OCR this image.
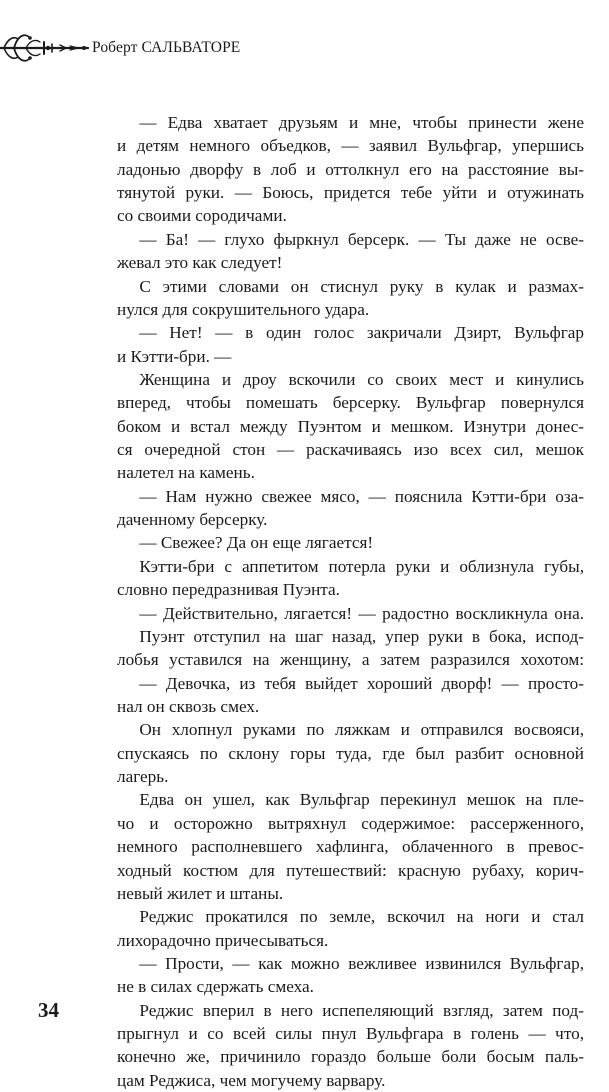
Роберт САЛЬВАТОРЕ
— Едва хватает друзьям и мне, чтобы принести жене
и детям немного объедков, — заявил Вульфгар, упершись
ладонью дворфу в лоб и оттолкнул его на расстояние вы-
тянутой руки. — Боюсь, придется тебе уйти и отужинать
со своими сородичами.
— Ба! — глухо фыркнул берсерк. — Ты даже не осве-
жевал это как следует!
С этими словами он стиснул руку в кулак и размах-
нулся для сокрушительного удара.
— Нет! — в один голос закричали Дзирт, Вульфгар
и Кэтти-бри. —
Женщина и дроу вскочили со своих мест и кинулись
вперед, чтобы помешать берсерку. Вульфгар повернулся
боком и встал между Пуэнтом и мешком. Изнутри донес-
ся очередной стон — раскачиваясь изо всех сил, мешок
налетел на камень.
— Нам нужно свежее мясо, — пояснила Кэтти-бри оза-
даченному берсерку.
— Свежее? Да он еще лягается!
Кэтти-бри с аппетитом потерла руки и облизнула губы,
словно передразнивая Пуэнта.
— Действительно, лягается! — радостно воскликнула она.
Пуэнт отступил на шаг назад, упер руки в бока, испод-
лобья уставился на женщину, а затем разразился хохотом:
— Девочка, из тебя выйдет хороший дворф! — просто-
нал он сквозь смех.
Он хлопнул руками по ляжкам и отправился восвояси,
спускаясь по склону горы туда, где был разбит основной
лагерь.
Едва он ушел, как Вульфгар перекинул мешок на пле-
чо и осторожно вытряхнул содержимое: рассерженного,
немного располневшего хафлинга, облаченного в превос-
ходный костюм для путешествий: красную рубаху, корич-
невый жилет и штаны.
Реджис прокатился по земле, вскочил на ноги и стал
лихорадочно причесываться.
— Прости, — как можно вежливее извинился Вульфгар,
не в силах сдержать смеха.
Реджис вперил в него испепеляющий взгляд, затем под-
прыгнул и со всей силы пнул Вульфгара в голень — что,
конечно же, причинило гораздо больше боли босым паль-
цам Реджиса, чем могучему варвару.
34
